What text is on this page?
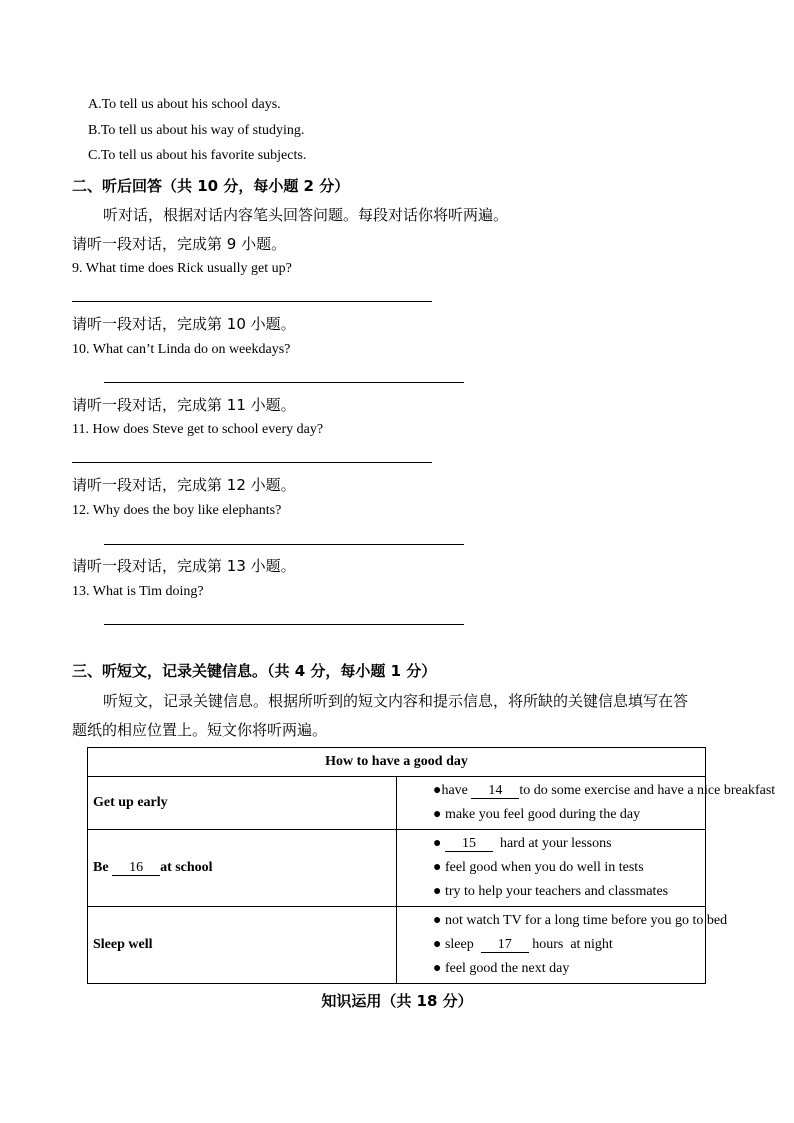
A.To tell us about his school days.
B.To tell us about his way of studying.
C.To tell us about his favorite subjects.
二、听后回答（共 10 分，每小题 2 分）
听对话，根据对话内容笔头回答问题。每段对话你将听两遍。
请听一段对话，完成第 9 小题。
9. What time does Rick usually get up?
请听一段对话，完成第 10 小题。
10. What can’t Linda do on weekdays?
请听一段对话，完成第 11 小题。
11. How does Steve get to school every day?
请听一段对话，完成第 12 小题。
12. Why does the boy like elephants?
请听一段对话，完成第 13 小题。
13. What is Tim doing?
三、听短文，记录关键信息。（共 4 分，每小题 1 分）
听短文，记录关键信息。根据所听到的短文内容和提示信息，将所缺的关键信息填写在答
题纸的相应位置上。短文你将听两遍。
How to have a good day	
Get up early	●have 14 to do some exercise and have a nice breakfast
● make you feel good during the day

Be 16 at school	● 15  hard at your lessons
● feel good when you do well in tests
● try to help your teachers and classmates

Sleep well	● not watch TV for a long time before you go to bed
● sleep  17 hours  at night
● feel good the next day
知识运用（共 18 分）
